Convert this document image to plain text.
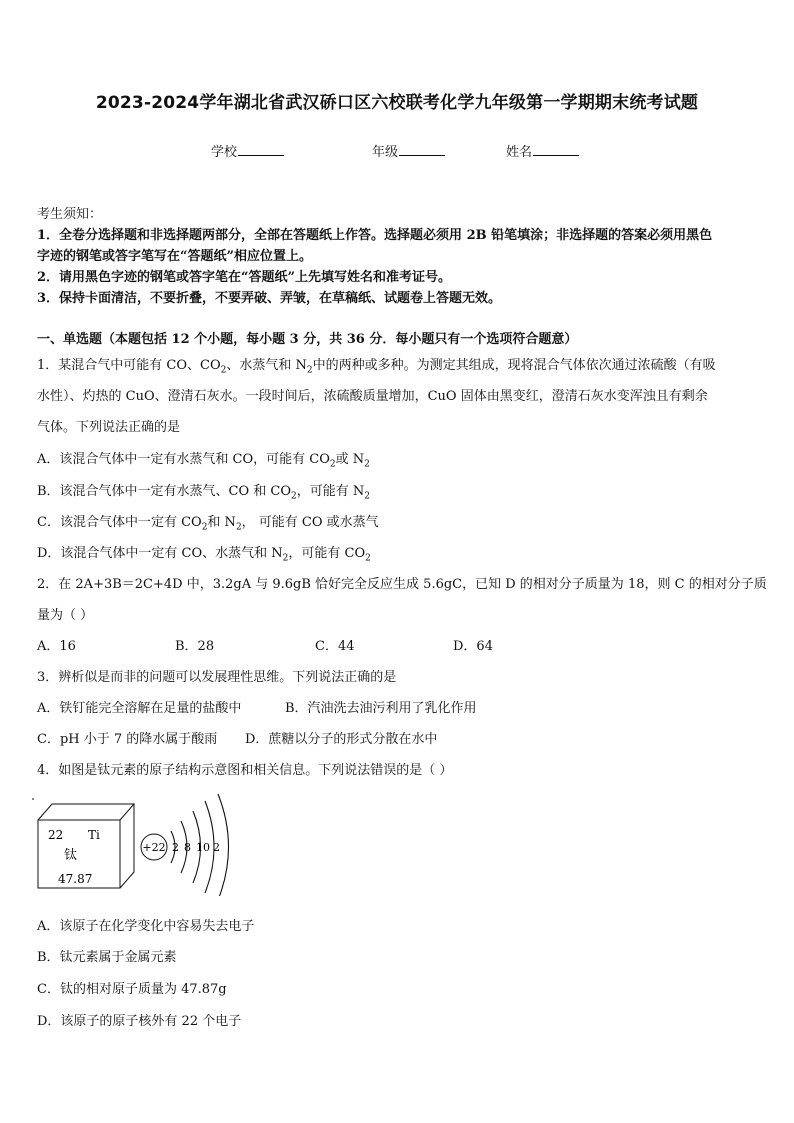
2023-2024学年湖北省武汉硚口区六校联考化学九年级第一学期期末统考试题
学校	年级	姓名
考生须知：
1．全卷分选择题和非选择题两部分，全部在答题纸上作答。选择题必须用 2B 铅笔填涂；非选择题的答案必须用黑色
字迹的钢笔或答字笔写在“答题纸”相应位置上。
2．请用黑色字迹的钢笔或答字笔在“答题纸”上先填写姓名和准考证号。
3．保持卡面清洁，不要折叠，不要弄破、弄皱，在草稿纸、试题卷上答题无效。
一、单选题（本题包括 12 个小题，每小题 3 分，共 36 分．每小题只有一个选项符合题意）
1．某混合气中可能有 CO、$CO_2$、水蒸气和 $N_2$中的两种或多种。为测定其组成，现将混合气体依次通过浓硫酸（有吸
水性）、灼热的 CuO、澄清石灰水。一段时间后，浓硫酸质量增加，CuO 固体由黑变红，澄清石灰水变浑浊且有剩余
气体。下列说法正确的是
A．该混合气体中一定有水蒸气和 CO，可能有 $CO_2$或 $N_2$
B．该混合气体中一定有水蒸气、CO 和 $CO_2$，可能有 $N_2$
C．该混合气体中一定有 $CO_2$和 $N_2$， 可能有 CO 或水蒸气
D．该混合气体中一定有 CO、水蒸气和 $N_2$，可能有 $CO_2$
2．在 2A+3B＝2C+4D 中，3.2gA 与 9.6gB 恰好完全反应生成 5.6gC，已知 D 的相对分子质量为 18，则 C 的相对分子质
量为（ ）
A．16	B．28	C．44	D．64
3．辨析似是而非的问题可以发展理性思维。下列说法正确的是
A．铁钉能完全溶解在足量的盐酸中	B．汽油洗去油污利用了乳化作用
C．pH 小于 7 的降水属于酸雨 D．蔗糖以分子的形式分散在水中
4．如图是钛元素的原子结构示意图和相关信息。下列说法错误的是（ ）
22 Ti
钛
47.87
+22 2 8 10 2
A．该原子在化学变化中容易失去电子
B．钛元素属于金属元素
C．钛的相对原子质量为 47.87g
D．该原子的原子核外有 22 个电子
